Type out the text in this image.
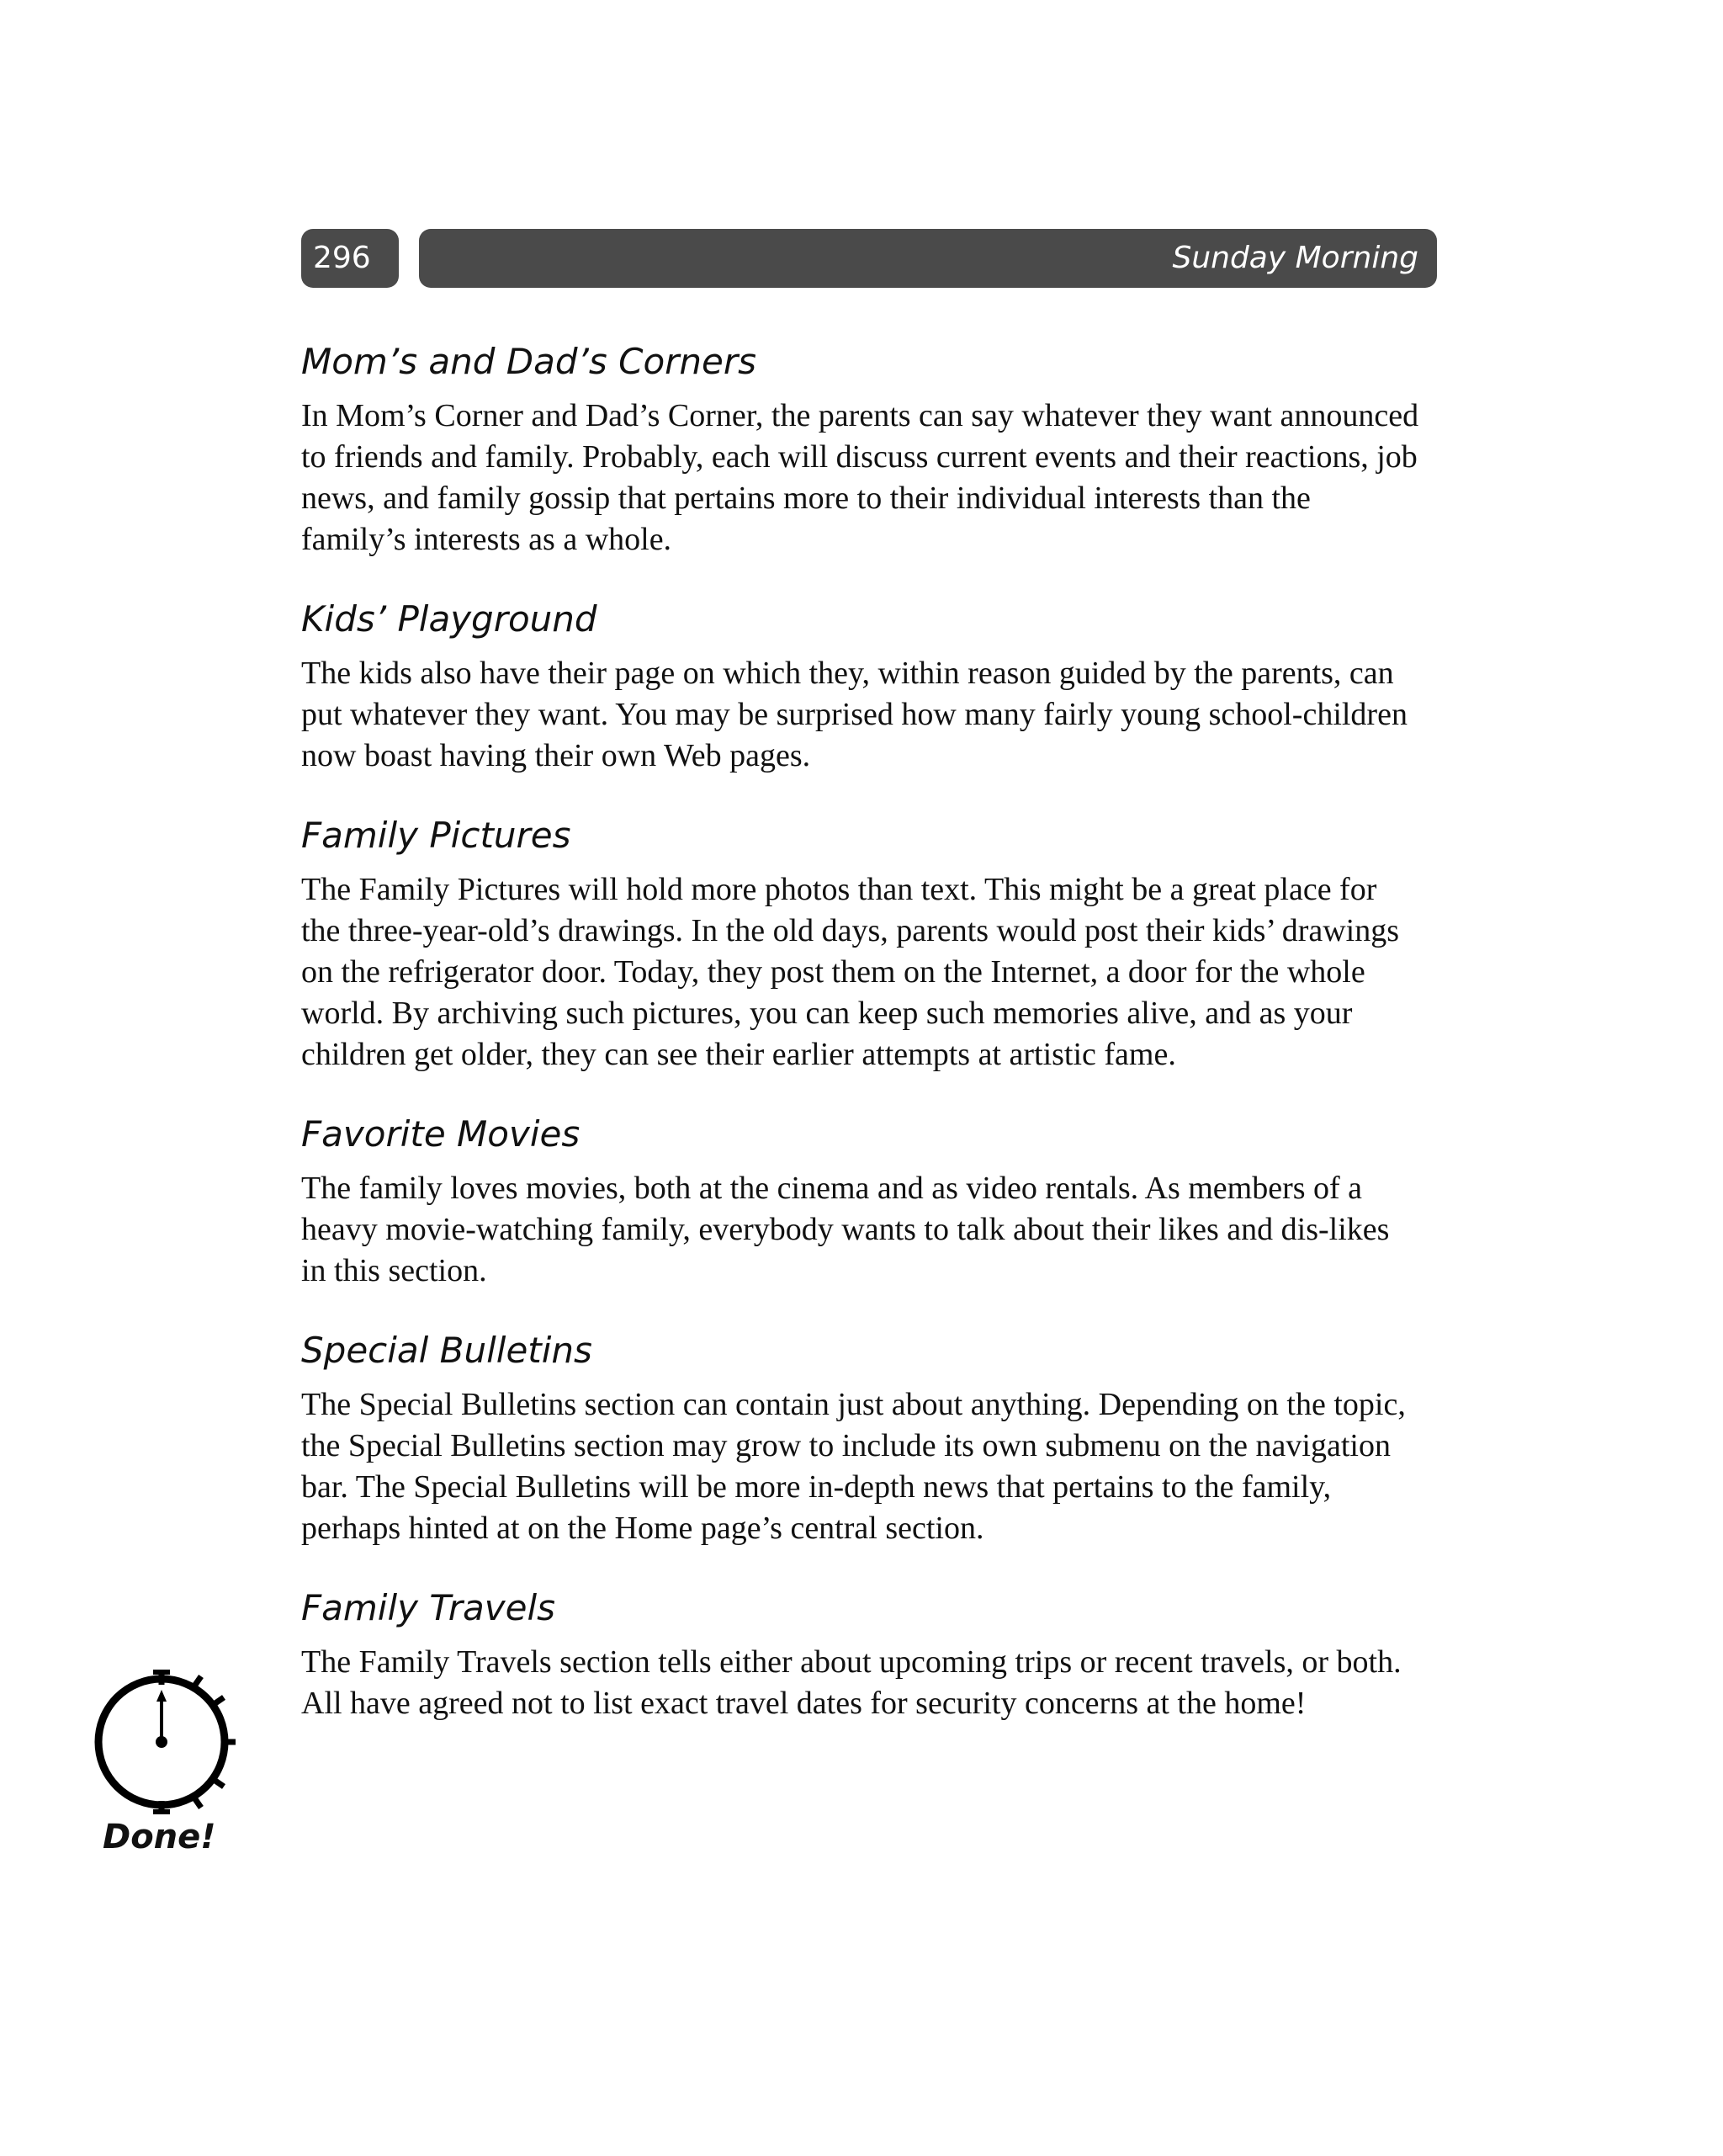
296	Sunday Morning
Mom’s and Dad’s Corners

In Mom’s Corner and Dad’s Corner, the parents can say whatever they want announced to friends and family. Probably, each will discuss current events and their reactions, job news, and family gossip that pertains more to their individual interests than the family’s interests as a whole.

Kids’ Playground

The kids also have their page on which they, within reason guided by the parents, can put whatever they want. You may be surprised how many fairly young school-children now boast having their own Web pages.

Family Pictures

The Family Pictures will hold more photos than text. This might be a great place for the three-year-old’s drawings. In the old days, parents would post their kids’ drawings on the refrigerator door. Today, they post them on the Internet, a door for the whole world. By archiving such pictures, you can keep such memories alive, and as your children get older, they can see their earlier attempts at artistic fame.

Favorite Movies

The family loves movies, both at the cinema and as video rentals. As members of a heavy movie-watching family, everybody wants to talk about their likes and dis-likes in this section.

Special Bulletins

The Special Bulletins section can contain just about anything. Depending on the topic, the Special Bulletins section may grow to include its own submenu on the navigation bar. The Special Bulletins will be more in-depth news that pertains to the family, perhaps hinted at on the Home page’s central section.

Family Travels

The Family Travels section tells either about upcoming trips or recent travels, or both. All have agreed not to list exact travel dates for security concerns at the home!

Done!
